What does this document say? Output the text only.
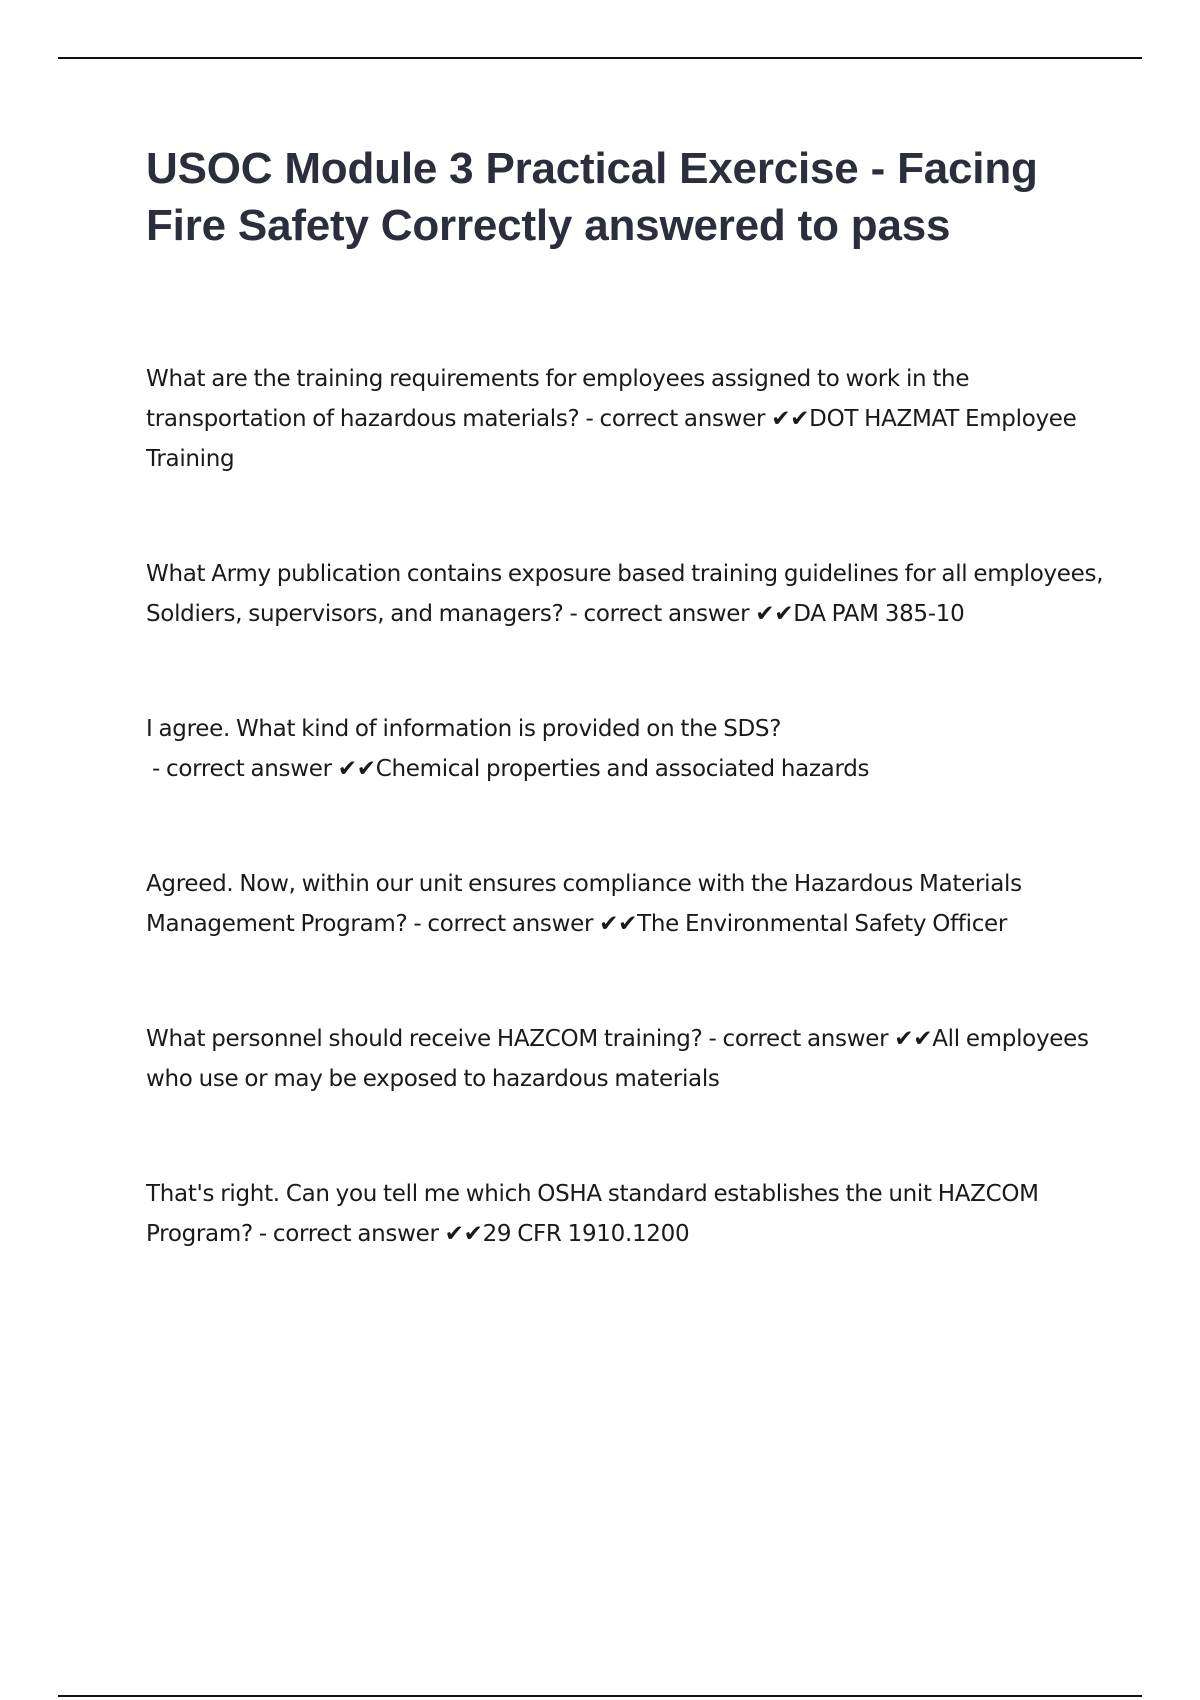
USOC Module 3 Practical Exercise - Facing Fire Safety Correctly answered to pass

What are the training requirements for employees assigned to work in the transportation of hazardous materials? - correct answer ✔✔DOT HAZMAT Employee Training

What Army publication contains exposure based training guidelines for all employees, Soldiers, supervisors, and managers? - correct answer ✔✔DA PAM 385-10

I agree. What kind of information is provided on the SDS? - correct answer ✔✔Chemical properties and associated hazards

Agreed. Now, within our unit ensures compliance with the Hazardous Materials Management Program? - correct answer ✔✔The Environmental Safety Officer

What personnel should receive HAZCOM training? - correct answer ✔✔All employees who use or may be exposed to hazardous materials

That's right. Can you tell me which OSHA standard establishes the unit HAZCOM Program? - correct answer ✔✔29 CFR 1910.1200
